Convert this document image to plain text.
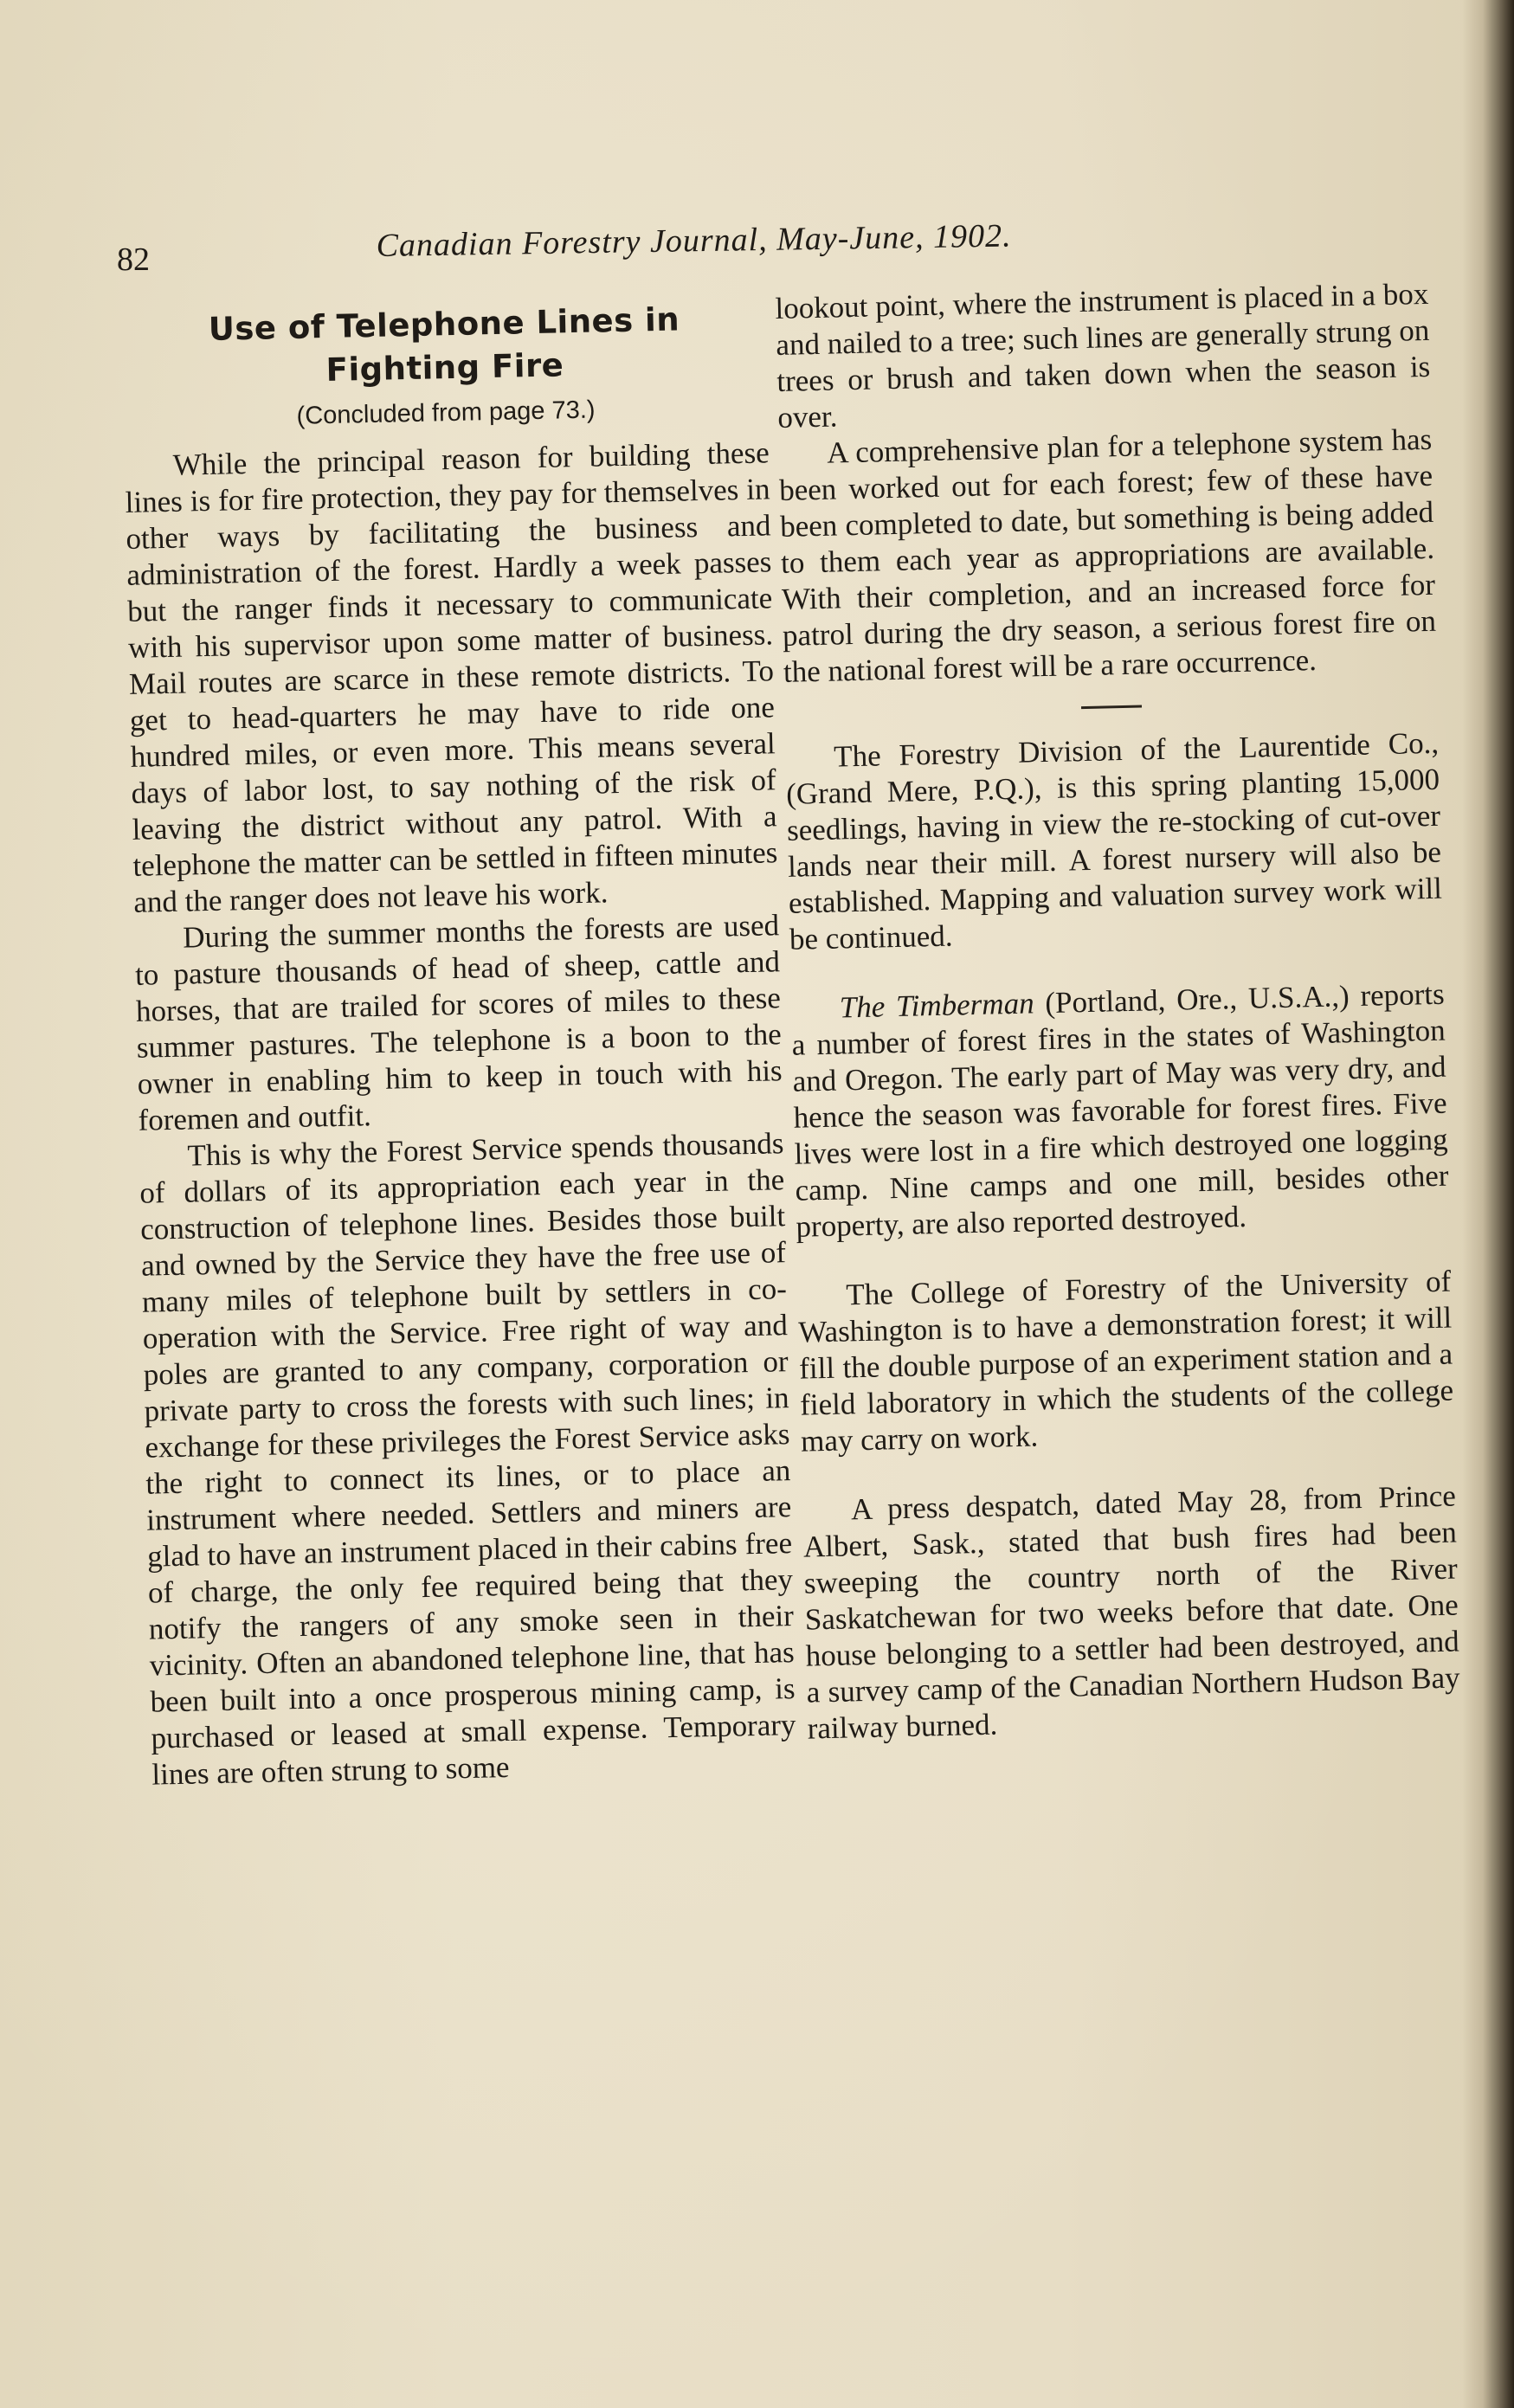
82	Canadian Forestry Journal, May-June, 1902.
Use of Telephone Lines in
Fighting Fire
(Concluded from page 73.)

While the principal reason for building these lines is for fire protection, they pay for themselves in other ways by facilitating the business and administration of the forest. Hardly a week passes but the ranger finds it necessary to communicate with his supervisor upon some matter of business. Mail routes are scarce in these remote districts. To get to head-quarters he may have to ride one hundred miles, or even more. This means several days of labor lost, to say nothing of the risk of leaving the district without any patrol. With a telephone the matter can be settled in fifteen minutes and the ranger does not leave his work.

During the summer months the forests are used to pasture thousands of head of sheep, cattle and horses, that are trailed for scores of miles to these summer pastures. The telephone is a boon to the owner in enabling him to keep in touch with his foremen and outfit.

This is why the Forest Service spends thousands of dollars of its appropriation each year in the construction of telephone lines. Besides those built and owned by the Service they have the free use of many miles of telephone built by settlers in co-operation with the Service. Free right of way and poles are granted to any company, corporation or private party to cross the forests with such lines; in exchange for these privileges the Forest Service asks the right to connect its lines, or to place an instrument where needed. Settlers and miners are glad to have an instrument placed in their cabins free of charge, the only fee required being that they notify the rangers of any smoke seen in their vicinity. Often an abandoned telephone line, that has been built into a once prosperous mining camp, is purchased or leased at small expense. Temporary lines are often strung to some

lookout point, where the instrument is placed in a box and nailed to a tree; such lines are generally strung on trees or brush and taken down when the season is over.

A comprehensive plan for a telephone system has been worked out for each forest; few of these have been completed to date, but something is being added to them each year as appropriations are available. With their completion, and an increased force for patrol during the dry season, a serious forest fire on the national forest will be a rare occurrence.

The Forestry Division of the Laurentide Co., (Grand Mere, P.Q.), is this spring planting 15,000 seedlings, having in view the re-stocking of cut-over lands near their mill. A forest nursery will also be established. Mapping and valuation survey work will be continued.

The Timberman (Portland, Ore., U.S.A.,) reports a number of forest fires in the states of Washington and Oregon. The early part of May was very dry, and hence the season was favorable for forest fires. Five lives were lost in a fire which destroyed one logging camp. Nine camps and one mill, besides other property, are also reported destroyed.

The College of Forestry of the University of Washington is to have a demonstration forest; it will fill the double purpose of an experiment station and a field laboratory in which the students of the college may carry on work.

A press despatch, dated May 28, from Prince Albert, Sask., stated that bush fires had been sweeping the country north of the River Saskatchewan for two weeks before that date. One house belonging to a settler had been destroyed, and a survey camp of the Canadian Northern Hudson Bay railway burned.
